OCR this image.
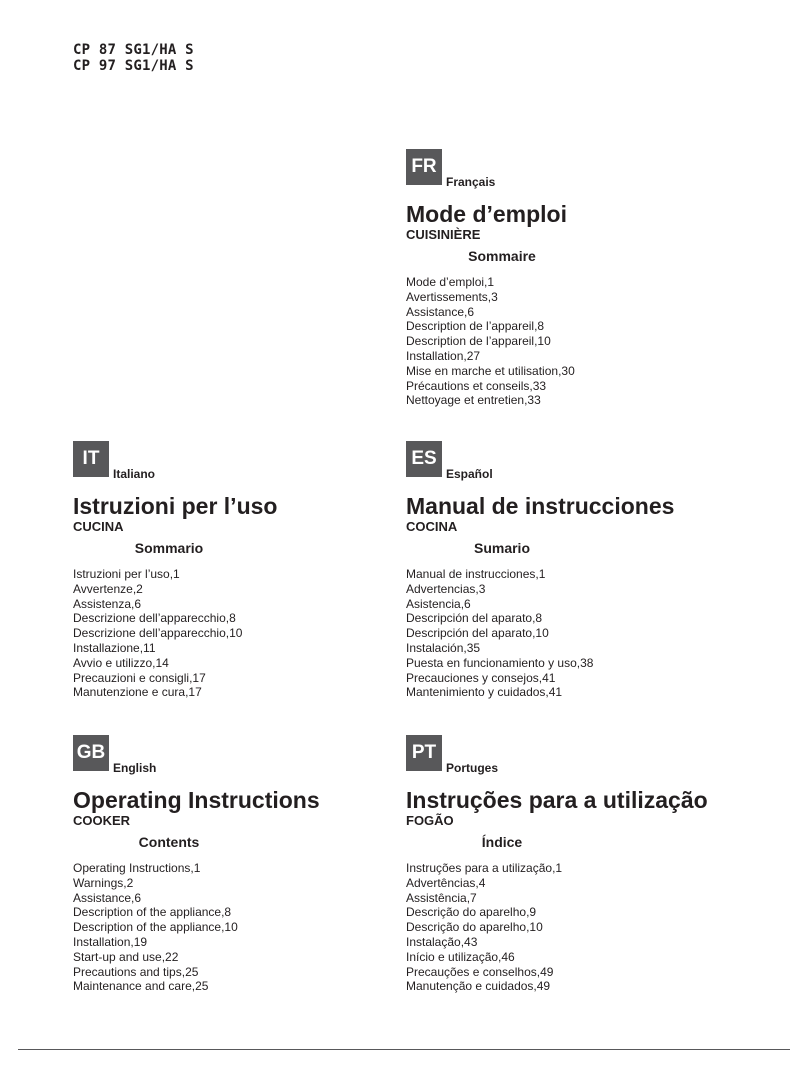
CP 87 SG1/HA S
CP 97 SG1/HA S
FR
Français
Mode d’emploi
CUISINIÈRE
Sommaire
Mode d’emploi,1
Avertissements,3
Assistance,6
Description de l’appareil,8
Description de l’appareil,10
Installation,27
Mise en marche et utilisation,30
Précautions et conseils,33
Nettoyage et entretien,33
IT
Italiano
Istruzioni per l’uso
CUCINA
Sommario
Istruzioni per l’uso,1
Avvertenze,2
Assistenza,6
Descrizione dell’apparecchio,8
Descrizione dell’apparecchio,10
Installazione,11
Avvio e utilizzo,14
Precauzioni e consigli,17
Manutenzione e cura,17
ES
Español
Manual de instrucciones
COCINA
Sumario
Manual de instrucciones,1
Advertencias,3
Asistencia,6
Descripción del aparato,8
Descripción del aparato,10
Instalación,35
Puesta en funcionamiento y uso,38
Precauciones y consejos,41
Mantenimiento y cuidados,41
GB
English
Operating Instructions
COOKER
Contents
Operating Instructions,1
Warnings,2
Assistance,6
Description of the appliance,8
Description of the appliance,10
Installation,19
Start-up and use,22
Precautions and tips,25
Maintenance and care,25
PT
Portuges
Instruções para a utilização
FOGÃO
Índice
Instruções para a utilização,1
Advertências,4
Assistência,7
Descrição do aparelho,9
Descrição do aparelho,10
Instalação,43
Início e utilização,46
Precauções e conselhos,49
Manutenção e cuidados,49
